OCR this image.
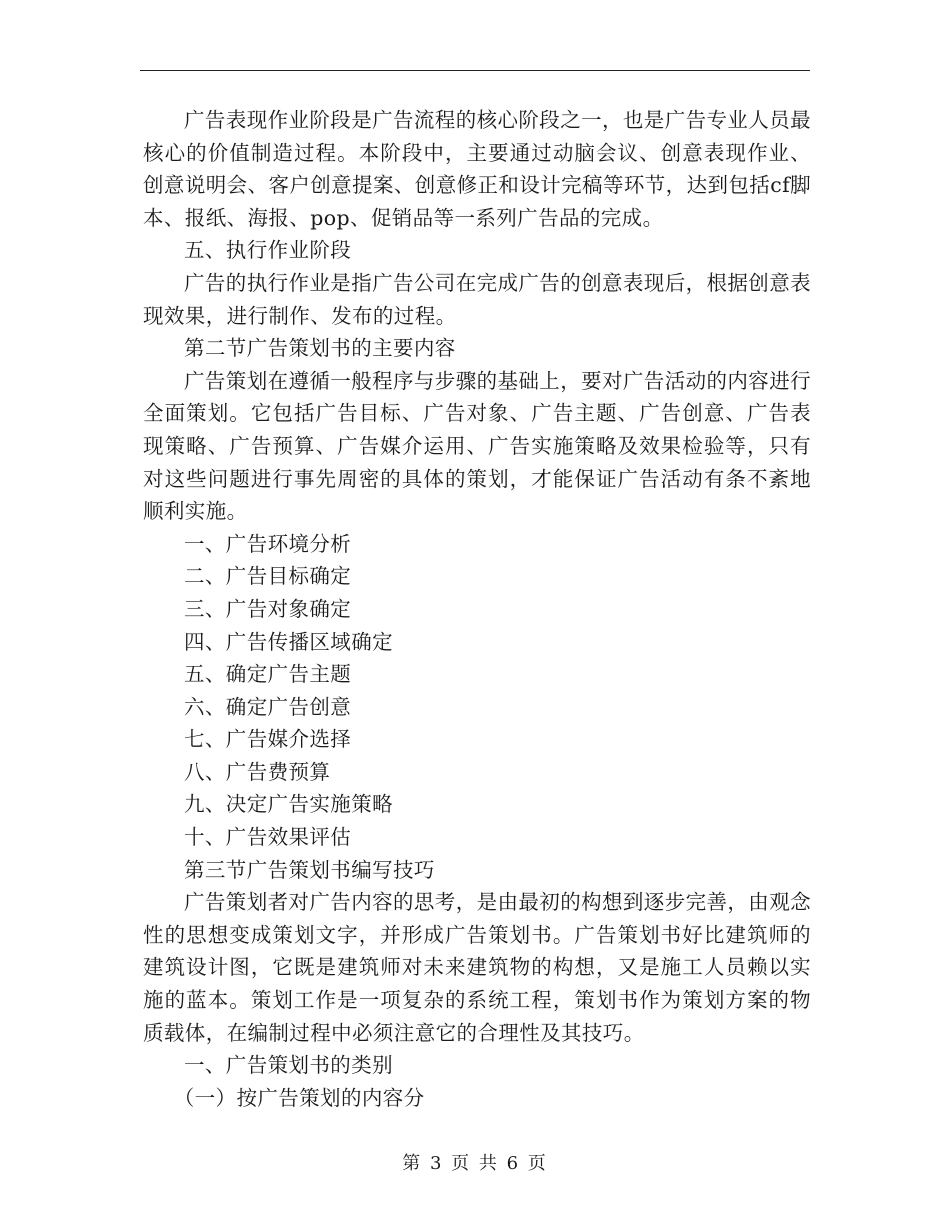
广告表现作业阶段是广告流程的核心阶段之一，也是广告专业人员最核心的价值制造过程。本阶段中，主要通过动脑会议、创意表现作业、创意说明会、客户创意提案、创意修正和设计完稿等环节，达到包括cf脚本、报纸、海报、pop、促销品等一系列广告品的完成。

五、执行作业阶段

广告的执行作业是指广告公司在完成广告的创意表现后，根据创意表现效果，进行制作、发布的过程。

第二节广告策划书的主要内容

广告策划在遵循一般程序与步骤的基础上，要对广告活动的内容进行全面策划。它包括广告目标、广告对象、广告主题、广告创意、广告表现策略、广告预算、广告媒介运用、广告实施策略及效果检验等，只有对这些问题进行事先周密的具体的策划，才能保证广告活动有条不紊地顺利实施。

一、广告环境分析

二、广告目标确定

三、广告对象确定

四、广告传播区域确定

五、确定广告主题

六、确定广告创意

七、广告媒介选择

八、广告费预算

九、决定广告实施策略

十、广告效果评估

第三节广告策划书编写技巧

广告策划者对广告内容的思考，是由最初的构想到逐步完善，由观念性的思想变成策划文字，并形成广告策划书。广告策划书好比建筑师的建筑设计图，它既是建筑师对未来建筑物的构想，又是施工人员赖以实施的蓝本。策划工作是一项复杂的系统工程，策划书作为策划方案的物质载体，在编制过程中必须注意它的合理性及其技巧。

一、广告策划书的类别

（一）按广告策划的内容分

第 3 页 共 6 页
